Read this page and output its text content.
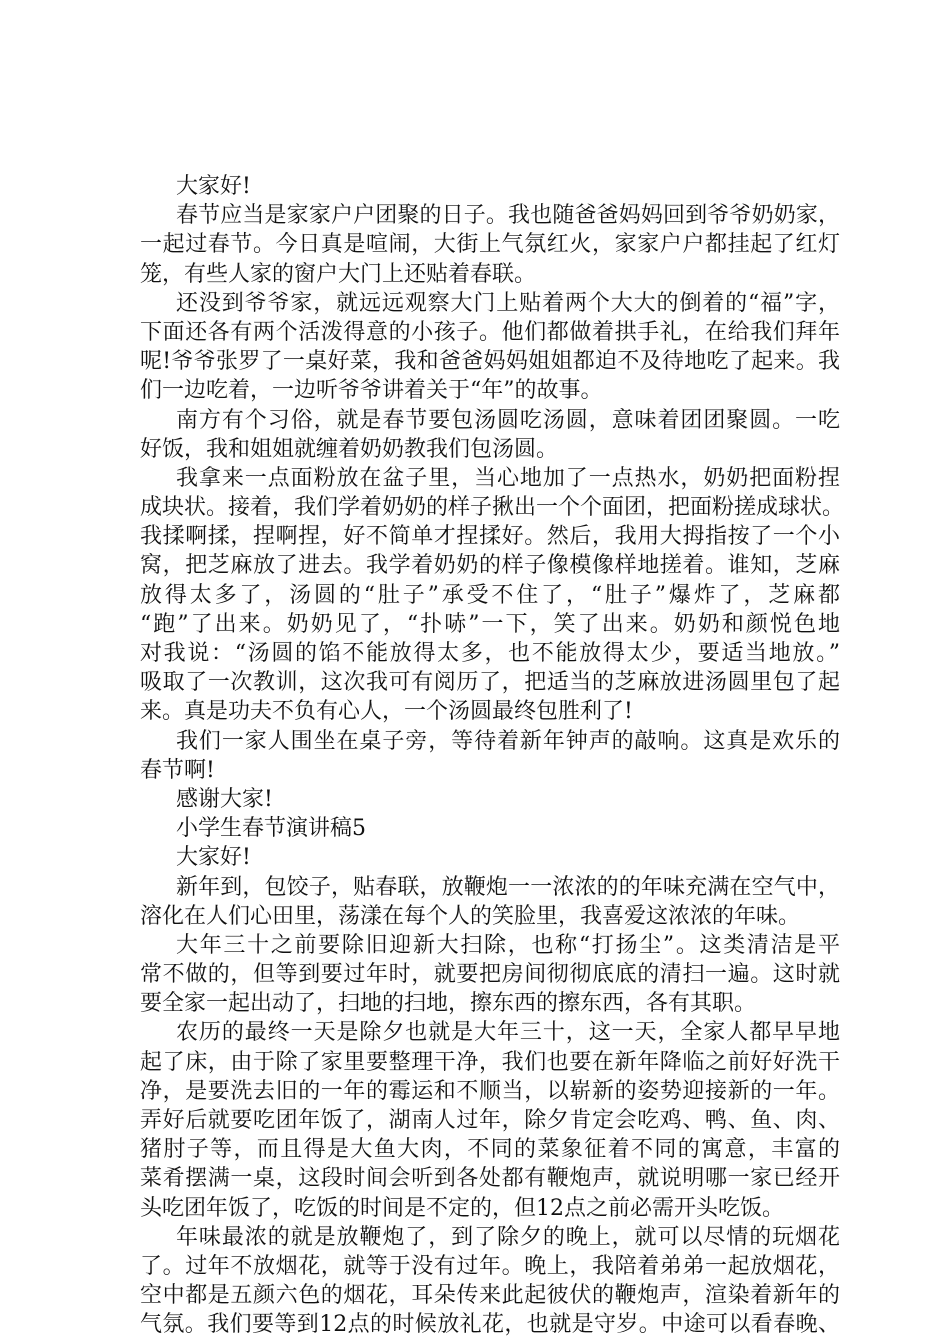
大家好!
春节应当是家家户户团聚的日子。我也随爸爸妈妈回到爷爷奶奶家，
一起过春节。今日真是喧闹，大街上气氛红火，家家户户都挂起了红灯
笼，有些人家的窗户大门上还贴着春联。
还没到爷爷家，就远远观察大门上贴着两个大大的倒着的“福”字，
下面还各有两个活泼得意的小孩子。他们都做着拱手礼，在给我们拜年
呢!爷爷张罗了一桌好菜，我和爸爸妈妈姐姐都迫不及待地吃了起来。我
们一边吃着，一边听爷爷讲着关于“年”的故事。
南方有个习俗，就是春节要包汤圆吃汤圆，意味着团团聚圆。一吃
好饭，我和姐姐就缠着奶奶教我们包汤圆。
我拿来一点面粉放在盆子里，当心地加了一点热水，奶奶把面粉捏
成块状。接着，我们学着奶奶的样子揪出一个个面团，把面粉搓成球状。
我揉啊揉，捏啊捏，好不简单才捏揉好。然后，我用大拇指按了一个小
窝，把芝麻放了进去。我学着奶奶的样子像模像样地搓着。谁知，芝麻
放得太多了，汤圆的“肚子”承受不住了，“肚子”爆炸了，芝麻都
“跑”了出来。奶奶见了，“扑哧”一下，笑了出来。奶奶和颜悦色地
对我说：“汤圆的馅不能放得太多，也不能放得太少，要适当地放。”
吸取了一次教训，这次我可有阅历了，把适当的芝麻放进汤圆里包了起
来。真是功夫不负有心人，一个汤圆最终包胜利了!
我们一家人围坐在桌子旁，等待着新年钟声的敲响。这真是欢乐的
春节啊!
感谢大家!
小学生春节演讲稿5
大家好!
新年到，包饺子，贴春联，放鞭炮一一浓浓的的年味充满在空气中，
溶化在人们心田里，荡漾在每个人的笑脸里，我喜爱这浓浓的年味。
大年三十之前要除旧迎新大扫除，也称“打扬尘”。这类清洁是平
常不做的，但等到要过年时，就要把房间彻彻底底的清扫一遍。这时就
要全家一起出动了，扫地的扫地，擦东西的擦东西，各有其职。
农历的最终一天是除夕也就是大年三十，这一天，全家人都早早地
起了床，由于除了家里要整理干净，我们也要在新年降临之前好好洗干
净，是要洗去旧的一年的霉运和不顺当，以崭新的姿势迎接新的一年。
弄好后就要吃团年饭了，湖南人过年，除夕肯定会吃鸡、鸭、鱼、肉、
猪肘子等，而且得是大鱼大肉，不同的菜象征着不同的寓意，丰富的
菜肴摆满一桌，这段时间会听到各处都有鞭炮声，就说明哪一家已经开
头吃团年饭了，吃饭的时间是不定的，但12点之前必需开头吃饭。
年味最浓的就是放鞭炮了，到了除夕的晚上，就可以尽情的玩烟花
了。过年不放烟花，就等于没有过年。晚上，我陪着弟弟一起放烟花，
空中都是五颜六色的烟花，耳朵传来此起彼伏的鞭炮声，渲染着新年的
气氛。我们要等到12点的时候放礼花，也就是守岁。中途可以看春晚、
